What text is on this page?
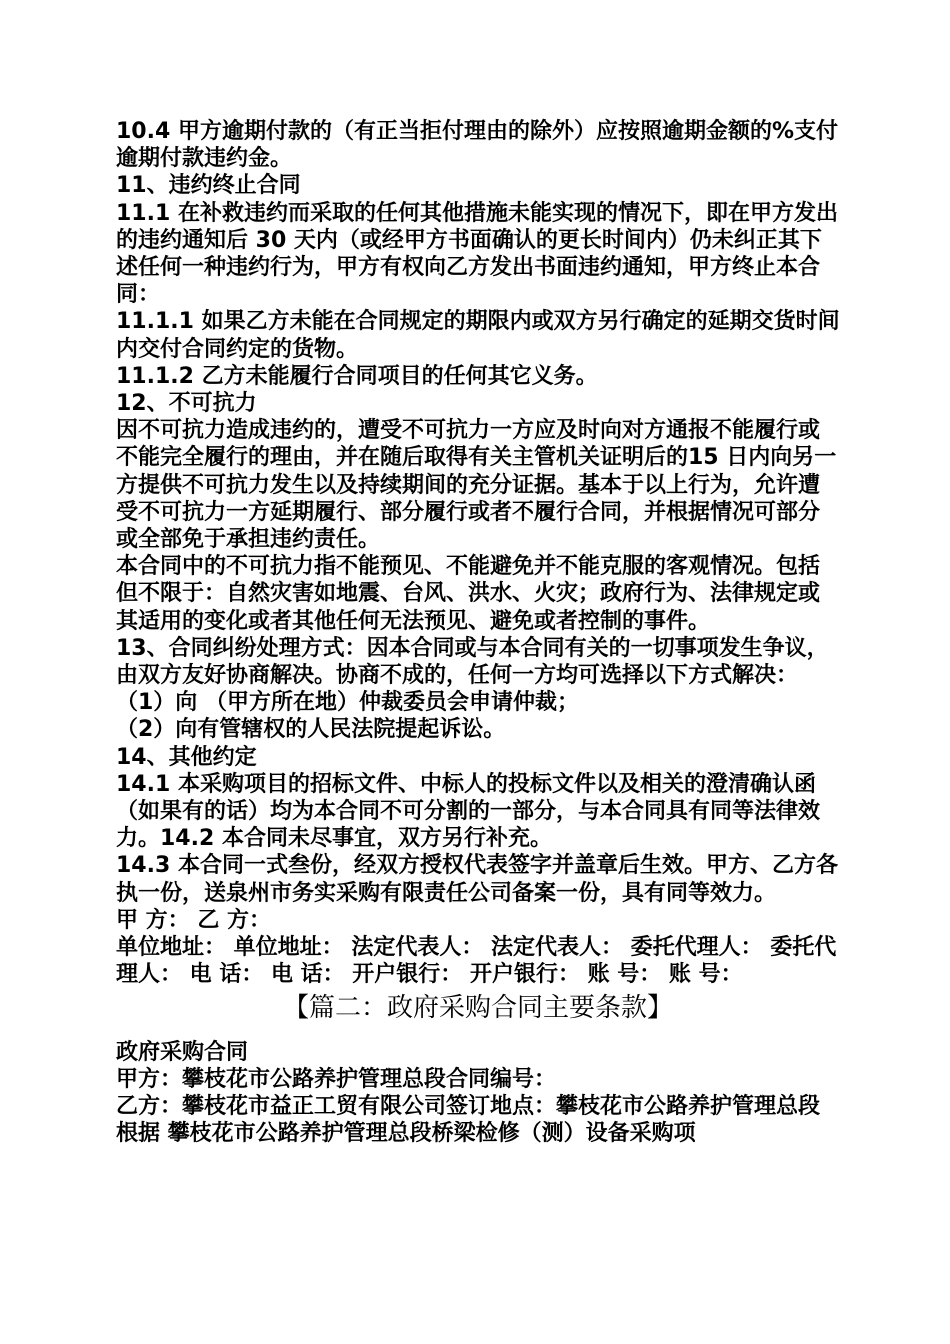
10.4 甲方逾期付款的（有正当拒付理由的除外）应按照逾期金额的%支付逾期付款违约金。

11、违约终止合同

11.1 在补救违约而采取的任何其他措施未能实现的情况下，即在甲方发出的违约通知后 30 天内（或经甲方书面确认的更长时间内）仍未纠正其下述任何一种违约行为，甲方有权向乙方发出书面违约通知，甲方终止本合同：

11.1.1 如果乙方未能在合同规定的期限内或双方另行确定的延期交货时间内交付合同约定的货物。

11.1.2 乙方未能履行合同项目的任何其它义务。

12、不可抗力

因不可抗力造成违约的，遭受不可抗力一方应及时向对方通报不能履行或不能完全履行的理由，并在随后取得有关主管机关证明后的15 日内向另一方提供不可抗力发生以及持续期间的充分证据。基本于以上行为，允许遭受不可抗力一方延期履行、部分履行或者不履行合同，并根据情况可部分或全部免于承担违约责任。

本合同中的不可抗力指不能预见、不能避免并不能克服的客观情况。包括但不限于：自然灾害如地震、台风、洪水、火灾；政府行为、法律规定或其适用的变化或者其他任何无法预见、避免或者控制的事件。

13、合同纠纷处理方式：因本合同或与本合同有关的一切事项发生争议，由双方友好协商解决。协商不成的，任何一方均可选择以下方式解决：

（1）向 （甲方所在地）仲裁委员会申请仲裁；

（2）向有管辖权的人民法院提起诉讼。

14、其他约定

14.1 本采购项目的招标文件、中标人的投标文件以及相关的澄清确认函（如果有的话）均为本合同不可分割的一部分，与本合同具有同等法律效力。14.2 本合同未尽事宜，双方另行补充。

14.3 本合同一式叁份，经双方授权代表签字并盖章后生效。甲方、乙方各执一份，送泉州市务实采购有限责任公司备案一份，具有同等效力。

甲 方： 乙 方：

单位地址： 单位地址： 法定代表人： 法定代表人： 委托代理人： 委托代理人： 电 话： 电 话： 开户银行： 开户银行： 账 号： 账 号：

【篇二：政府采购合同主要条款】

政府采购合同

甲方：攀枝花市公路养护管理总段合同编号：

乙方：攀枝花市益正工贸有限公司签订地点：攀枝花市公路养护管理总段 根据 攀枝花市公路养护管理总段桥梁检修（测）设备采购项
